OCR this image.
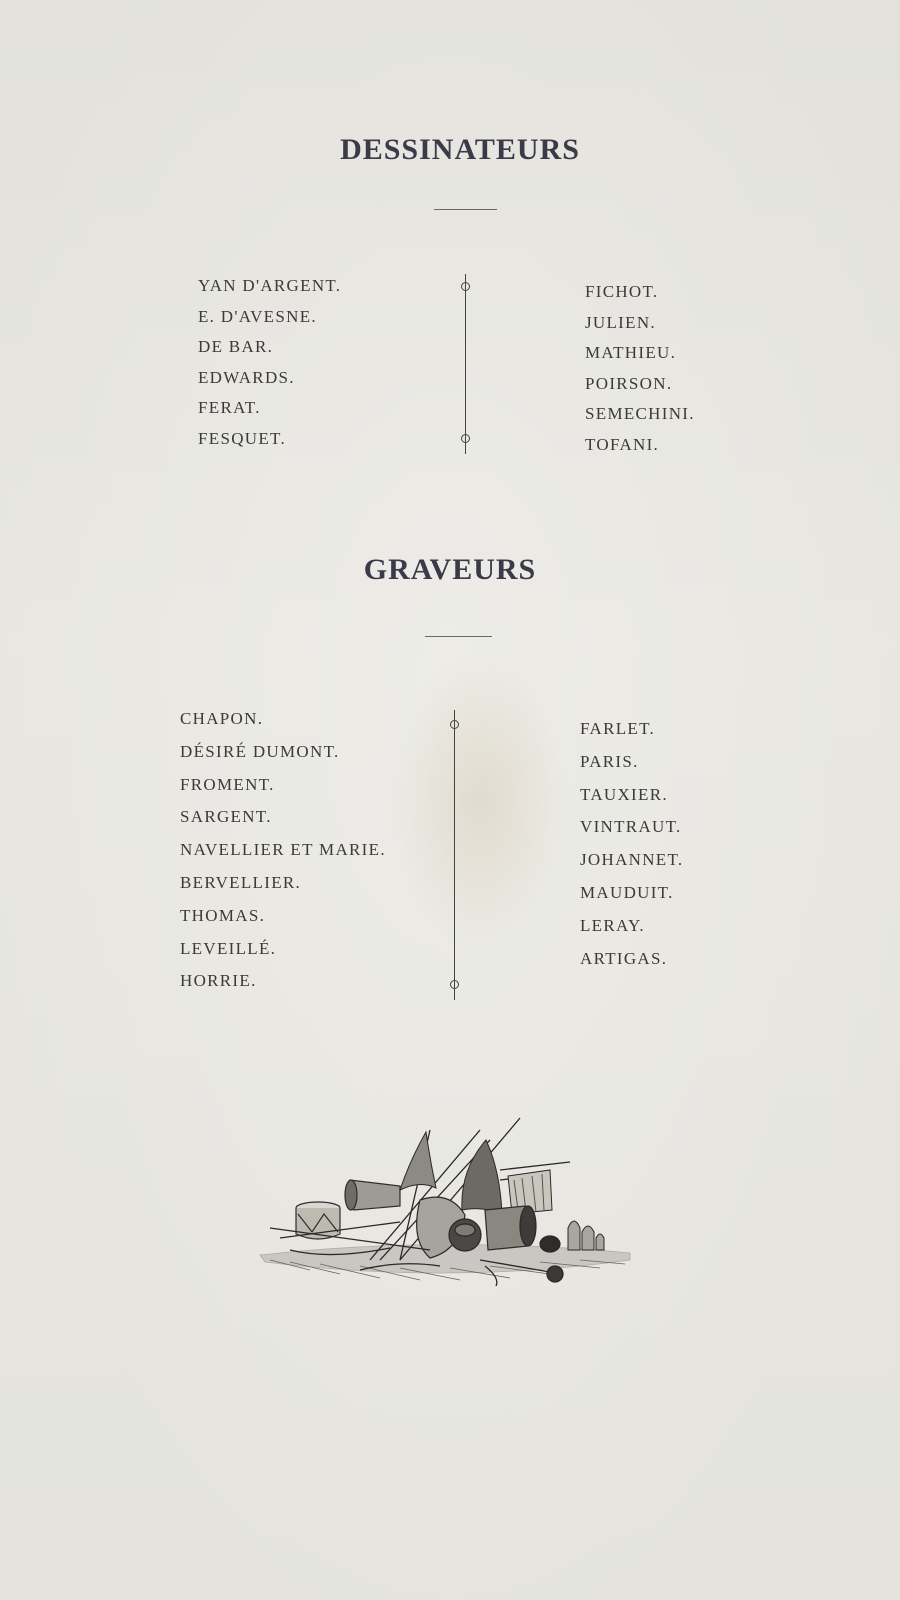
DESSINATEURS
YAN D'ARGENT.
E. D'AVESNE.
DE BAR.
EDWARDS.
FERAT.
FESQUET.
FICHOT.
JULIEN.
MATHIEU.
POIRSON.
SEMECHINI.
TOFANI.
GRAVEURS
CHAPON.
DÉSIRÉ DUMONT.
FROMENT.
SARGENT.
NAVELLIER ET MARIE.
BERVELLIER.
THOMAS.
LEVEILLÉ.
HORRIE.
FARLET.
PARIS.
TAUXIER.
VINTRAUT.
JOHANNET.
MAUDUIT.
LERAY.
ARTIGAS.
